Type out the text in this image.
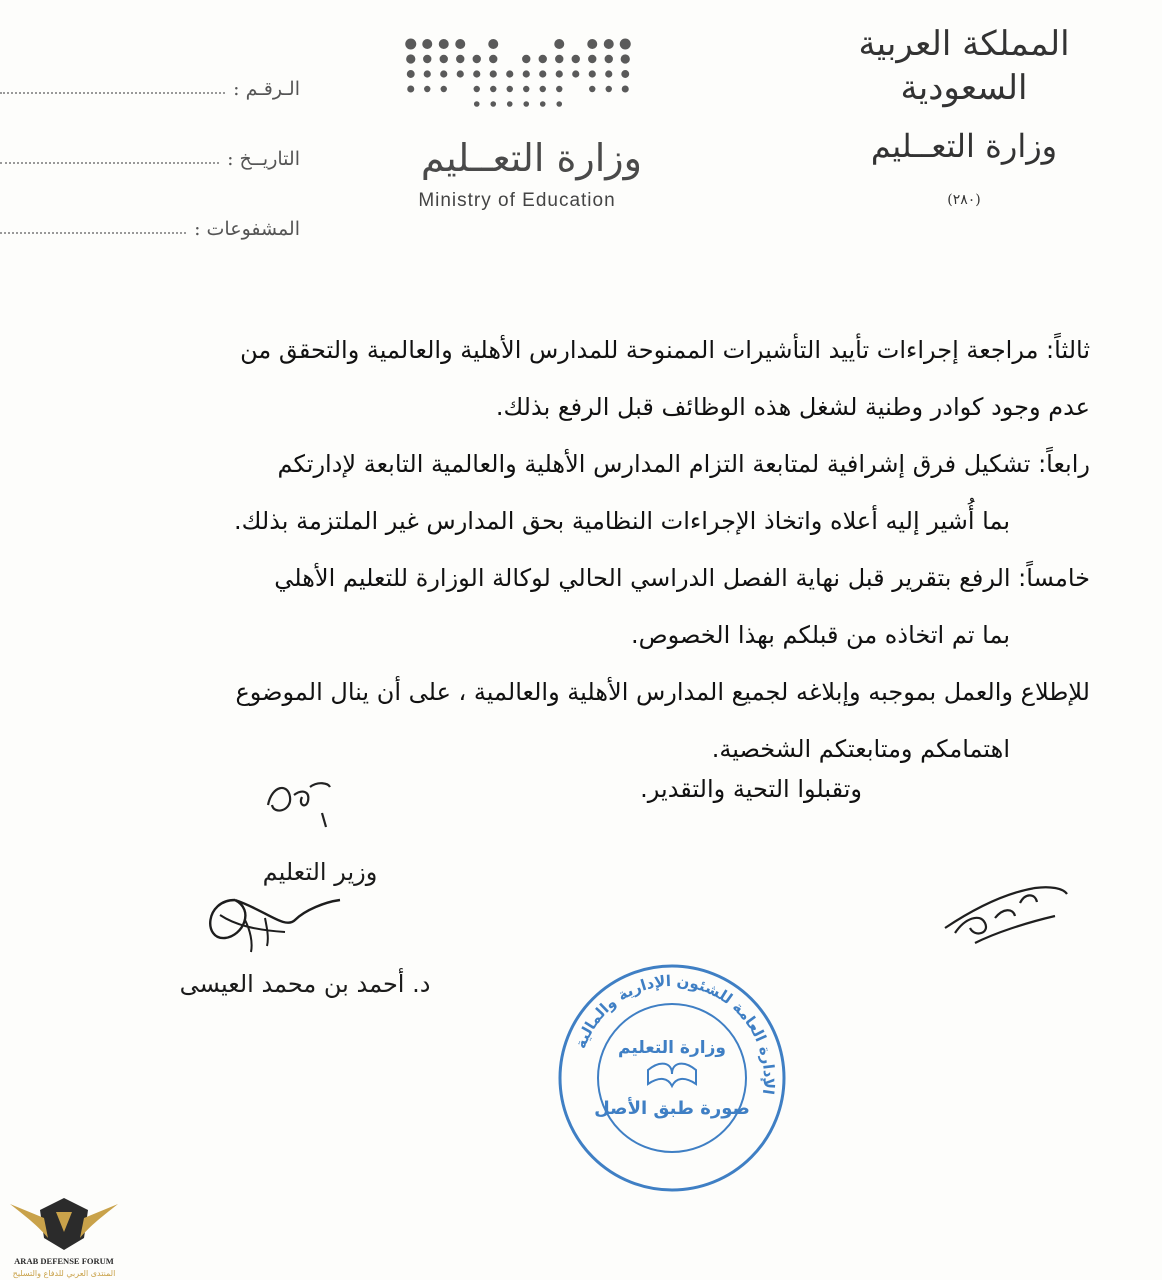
المملكة العربية السعودية
وزارة التعــليم
(٢٨٠)
الـرقـم :
التاريــخ :
المشفوعات :
وزارة التعــليم
Ministry of Education
ثالثاً: مراجعة إجراءات تأييد التأشيرات الممنوحة للمدارس الأهلية والعالمية والتحقق من
عدم وجود كوادر وطنية لشغل هذه الوظائف قبل الرفع بذلك.
رابعاً: تشكيل فرق إشرافية لمتابعة التزام المدارس الأهلية والعالمية التابعة لإدارتكم
بما أُشير إليه أعلاه واتخاذ الإجراءات النظامية بحق المدارس غير الملتزمة بذلك.
خامساً: الرفع بتقرير قبل نهاية الفصل الدراسي الحالي لوكالة الوزارة للتعليم الأهلي
بما تم اتخاذه من قبلكم بهذا الخصوص.
للإطلاع والعمل بموجبه وإبلاغه لجميع المدارس الأهلية والعالمية ، على أن ينال الموضوع
اهتمامكم ومتابعتكم الشخصية.
وتقبلوا التحية والتقدير.
وزير التعليم
د. أحمد بن محمد العيسى
الإدارة العامة للشئون الإدارية والمالية
وزارة التعليم
صورة طبق الأصل
ARAB DEFENSE FORUM
المنتدى العربي للدفاع والتسليح
